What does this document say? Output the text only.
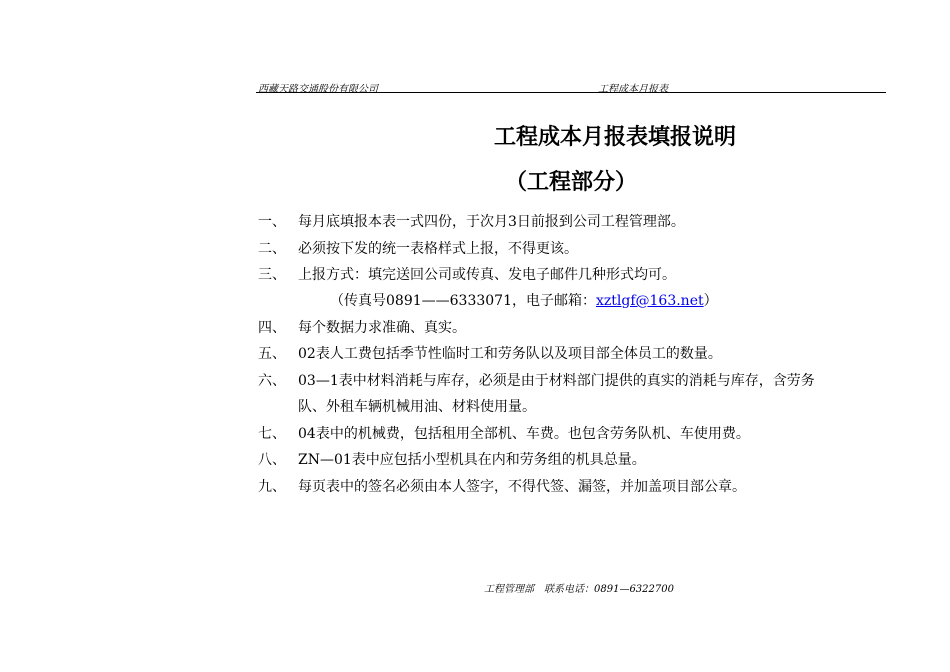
西藏天路交通股份有限公司	工程成本月报表
工程成本月报表填报说明
（工程部分）
一、 每月底填报本表一式四份，于次月3日前报到公司工程管理部。
二、 必须按下发的统一表格样式上报，不得更该。
三、 上报方式：填完送回公司或传真、发电子邮件几种形式均可。
（传真号0891——6333071，电子邮箱：xztlgf@163.net）
四、 每个数据力求准确、真实。
五、 02表人工费包括季节性临时工和劳务队以及项目部全体员工的数量。
六、 03—1表中材料消耗与库存，必须是由于材料部门提供的真实的消耗与库存，含劳务
队、外租车辆机械用油、材料使用量。
七、 04表中的机械费，包括租用全部机、车费。也包含劳务队机、车使用费。
八、 ZN—01表中应包括小型机具在内和劳务组的机具总量。
九、 每页表中的签名必须由本人签字，不得代签、漏签，并加盖项目部公章。
工程管理部　联系电话：0891—6322700
